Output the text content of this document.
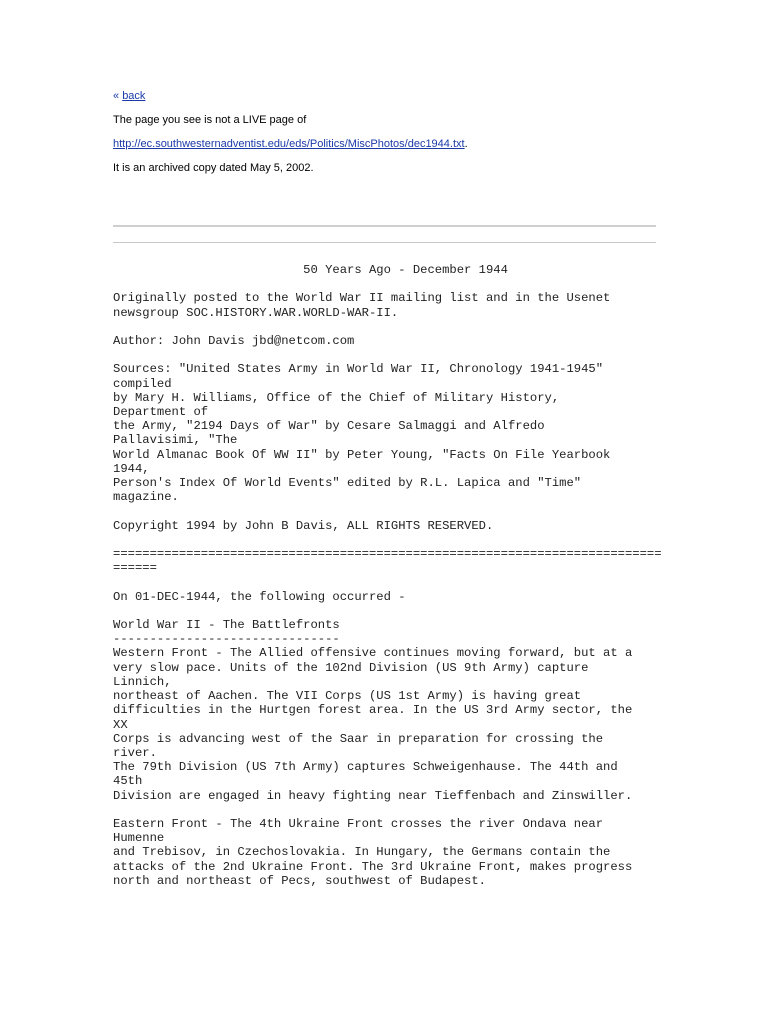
« back
The page you see is not a LIVE page of
http://ec.southwesternadventist.edu/eds/Politics/MiscPhotos/dec1944.txt.
It is an archived copy dated May 5, 2002.
50 Years Ago - December 1944

Originally posted to the World War II mailing list and in the Usenet
newsgroup SOC.HISTORY.WAR.WORLD-WAR-II.

Author: John Davis jbd@netcom.com

Sources: "United States Army in World War II, Chronology 1941-1945"
compiled
by Mary H. Williams, Office of the Chief of Military History,
Department of
the Army, "2194 Days of War" by Cesare Salmaggi and Alfredo
Pallavisimi, "The
World Almanac Book Of WW II" by Peter Young, "Facts On File Yearbook
1944,
Person's Index Of World Events" edited by R.L. Lapica and "Time"
magazine.

Copyright 1994 by John B Davis, ALL RIGHTS RESERVED.

===========================================================================
======

On 01-DEC-1944, the following occurred -

World War II - The Battlefronts
-------------------------------
Western Front - The Allied offensive continues moving forward, but at a
very slow pace. Units of the 102nd Division (US 9th Army) capture
Linnich,
northeast of Aachen. The VII Corps (US 1st Army) is having great
difficulties in the Hurtgen forest area. In the US 3rd Army sector, the
XX
Corps is advancing west of the Saar in preparation for crossing the
river.
The 79th Division (US 7th Army) captures Schweigenhause. The 44th and
45th
Division are engaged in heavy fighting near Tieffenbach and Zinswiller.

Eastern Front - The 4th Ukraine Front crosses the river Ondava near
Humenne
and Trebisov, in Czechoslovakia. In Hungary, the Germans contain the
attacks of the 2nd Ukraine Front. The 3rd Ukraine Front, makes progress
north and northeast of Pecs, southwest of Budapest.
